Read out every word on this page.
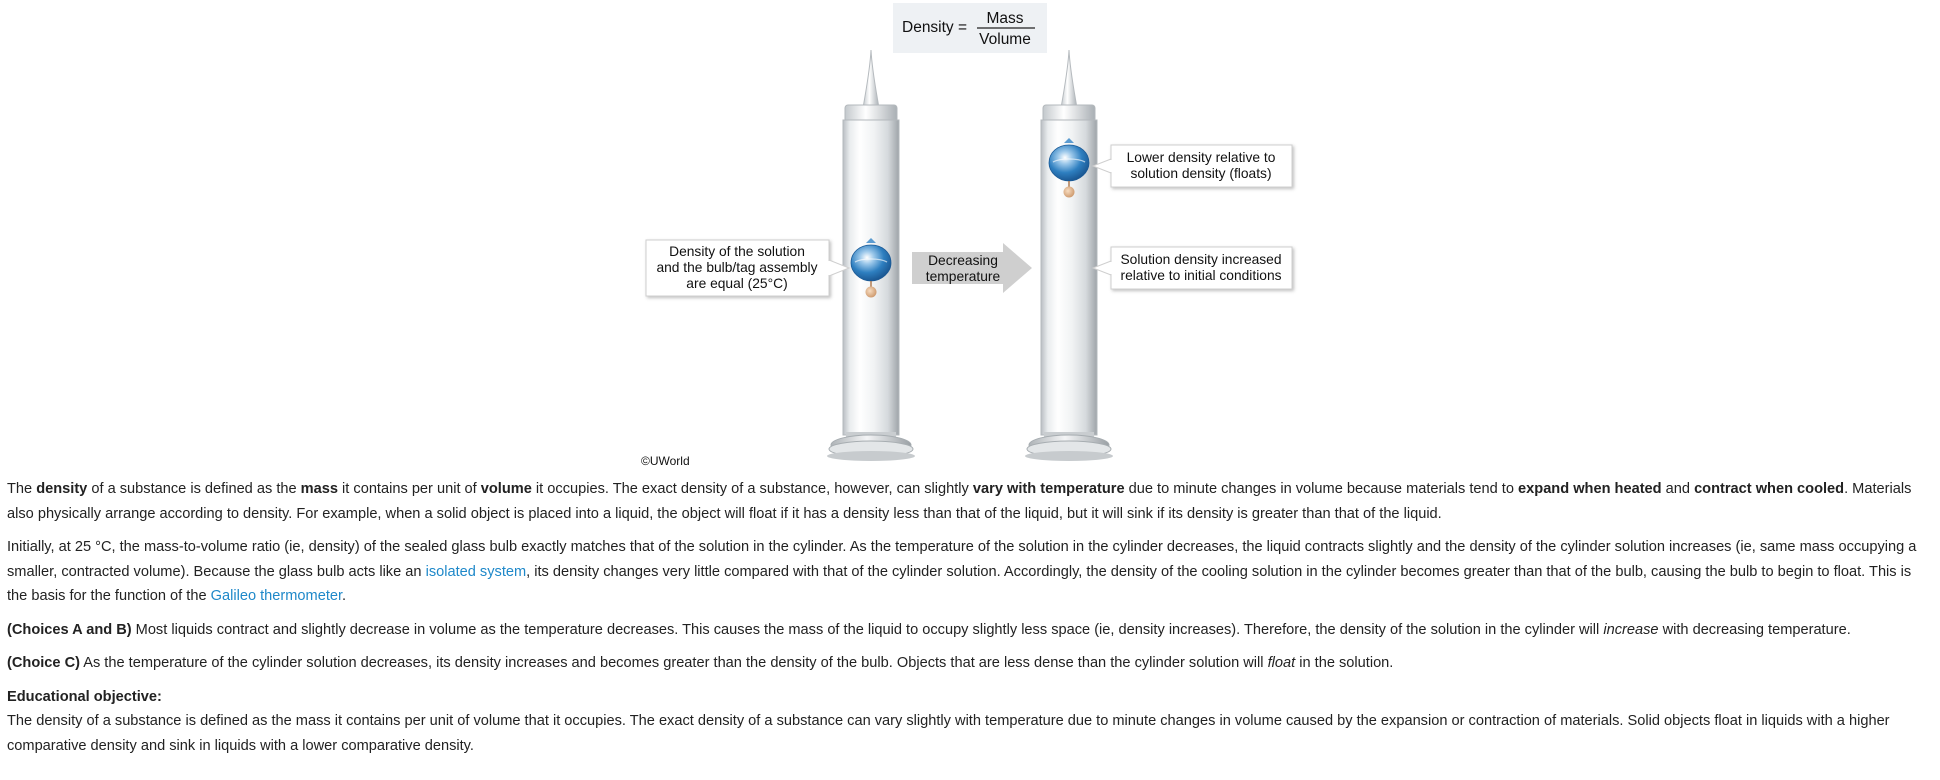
Density =
Mass
Volume
Decreasing
temperature
Density of the solution
and the bulb/tag assembly
are equal (25°C)
Lower density relative to
solution density (floats)
Solution density increased
relative to initial conditions
©UWorld

The density of a substance is defined as the mass it contains per unit of volume it occupies. The exact density of a substance, however, can slightly vary with temperature due to minute changes in volume because materials tend to expand when heated and contract when cooled. Materials also physically arrange according to density. For example, when a solid object is placed into a liquid, the object will float if it has a density less than that of the liquid, but it will sink if its density is greater than that of the liquid.

Initially, at 25 °C, the mass-to-volume ratio (ie, density) of the sealed glass bulb exactly matches that of the solution in the cylinder. As the temperature of the solution in the cylinder decreases, the liquid contracts slightly and the density of the cylinder solution increases (ie, same mass occupying a smaller, contracted volume). Because the glass bulb acts like an isolated system, its density changes very little compared with that of the cylinder solution. Accordingly, the density of the cooling solution in the cylinder becomes greater than that of the bulb, causing the bulb to begin to float. This is the basis for the function of the Galileo thermometer.

(Choices A and B) Most liquids contract and slightly decrease in volume as the temperature decreases. This causes the mass of the liquid to occupy slightly less space (ie, density increases). Therefore, the density of the solution in the cylinder will increase with decreasing temperature.

(Choice C) As the temperature of the cylinder solution decreases, its density increases and becomes greater than the density of the bulb. Objects that are less dense than the cylinder solution will float in the solution.

Educational objective:

The density of a substance is defined as the mass it contains per unit of volume that it occupies. The exact density of a substance can vary slightly with temperature due to minute changes in volume caused by the expansion or contraction of materials. Solid objects float in liquids with a higher comparative density and sink in liquids with a lower comparative density.
